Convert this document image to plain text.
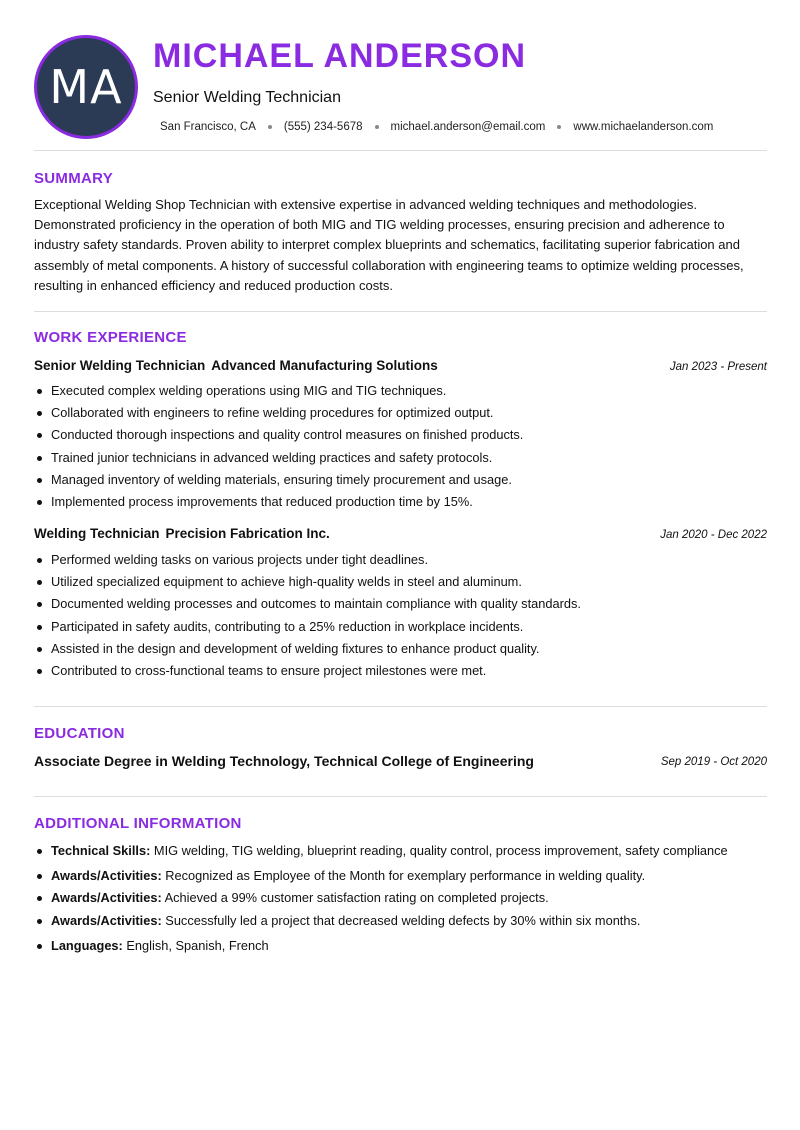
MA
MICHAEL ANDERSON
Senior Welding Technician
San Francisco, CA (555) 234-5678 michael.anderson@email.com www.michaelanderson.com
SUMMARY
Exceptional Welding Shop Technician with extensive expertise in advanced welding techniques and methodologies. Demonstrated proficiency in the operation of both MIG and TIG welding processes, ensuring precision and adherence to industry safety standards. Proven ability to interpret complex blueprints and schematics, facilitating superior fabrication and assembly of metal components. A history of successful collaboration with engineering teams to optimize welding processes, resulting in enhanced efficiency and reduced production costs.
WORK EXPERIENCE
Senior Welding Technician Advanced Manufacturing Solutions	Jan 2023 - Present
Executed complex welding operations using MIG and TIG techniques.
Collaborated with engineers to refine welding procedures for optimized output.
Conducted thorough inspections and quality control measures on finished products.
Trained junior technicians in advanced welding practices and safety protocols.
Managed inventory of welding materials, ensuring timely procurement and usage.
Implemented process improvements that reduced production time by 15%.
Welding Technician Precision Fabrication Inc.	Jan 2020 - Dec 2022
Performed welding tasks on various projects under tight deadlines.
Utilized specialized equipment to achieve high-quality welds in steel and aluminum.
Documented welding processes and outcomes to maintain compliance with quality standards.
Participated in safety audits, contributing to a 25% reduction in workplace incidents.
Assisted in the design and development of welding fixtures to enhance product quality.
Contributed to cross-functional teams to ensure project milestones were met.
EDUCATION
Associate Degree in Welding Technology, Technical College of Engineering	Sep 2019 - Oct 2020
ADDITIONAL INFORMATION
Technical Skills: MIG welding, TIG welding, blueprint reading, quality control, process improvement, safety compliance
Awards/Activities: Recognized as Employee of the Month for exemplary performance in welding quality.
Awards/Activities: Achieved a 99% customer satisfaction rating on completed projects.
Awards/Activities: Successfully led a project that decreased welding defects by 30% within six months.
Languages: English, Spanish, French
